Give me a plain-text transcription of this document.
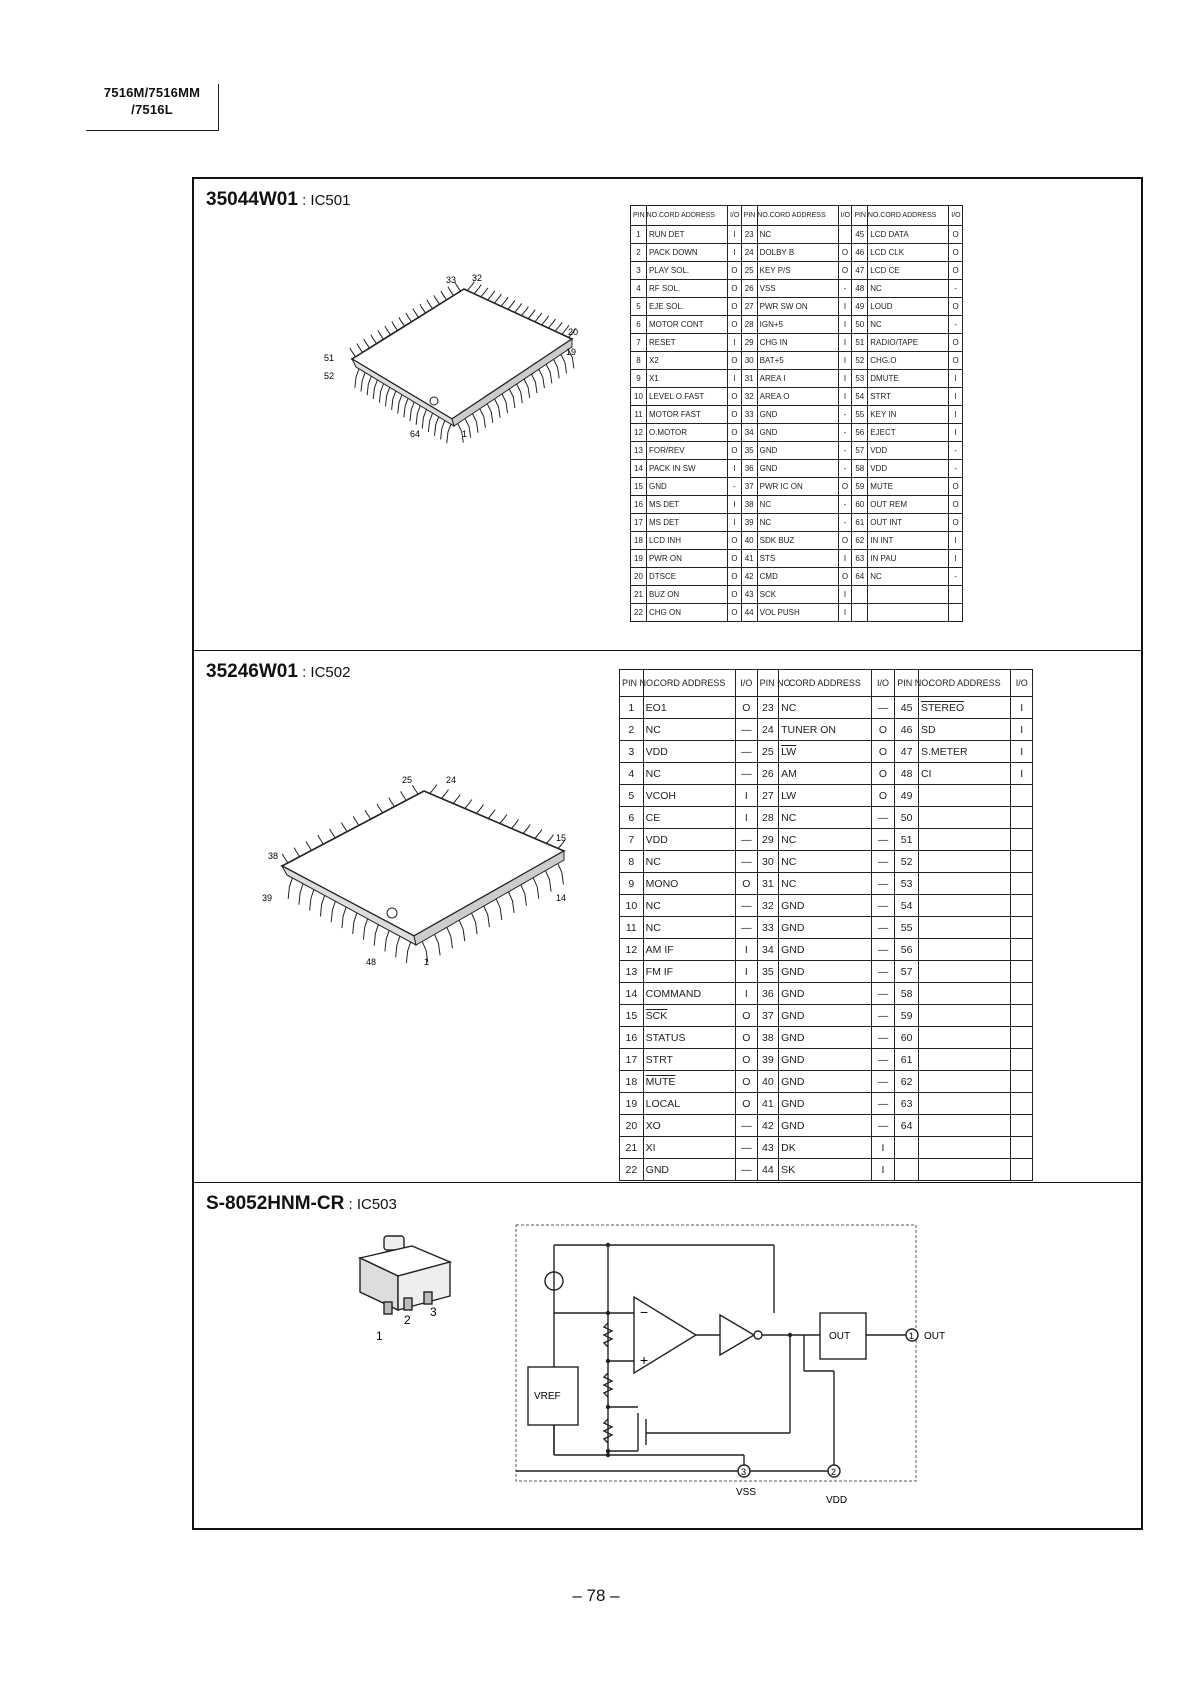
7516M/7516MM
/7516L
35044W01 : IC501
33 32
20
19
51
52
64	1
PIN NO.	CORD ADDRESS	I/O	PIN NO.	CORD ADDRESS	I/O	PIN NO.	CORD ADDRESS	I/O
1	RUN DET	I	23	NC		45	LCD DATA	O
2	PACK DOWN	I	24	DOLBY B	O	46	LCD CLK	O
3	PLAY SOL.	O	25	KEY P/S	O	47	LCD CE	O
4	RF SOL.	O	26	VSS	-	48	NC	-
5	EJE SOL.	O	27	PWR SW ON	I	49	LOUD	O
6	MOTOR CONT	O	28	IGN+5	I	50	NC	-
7	RESET	I	29	CHG IN	I	51	RADIO/TAPE	O
8	X2	O	30	BAT+5	I	52	CHG.O	O
9	X1	I	31	AREA I	I	53	DMUTE	I
10	LEVEL O.FAST	O	32	AREA O	I	54	STRT	I
11	MOTOR FAST	O	33	GND	-	55	KEY IN	I
12	O.MOTOR	O	34	GND	-	56	EJECT	I
13	FOR/REV	O	35	GND	-	57	VDD	-
14	PACK IN SW	I	36	GND	-	58	VDD	-
15	GND	-	37	PWR IC ON	O	59	MUTE	O
16	MS DET	I	38	NC	-	60	OUT REM	O
17	MS DET	I	39	NC	-	61	OUT INT	O
18	LCD INH	O	40	SDK BUZ	O	62	IN INT	I
19	PWR ON	O	41	STS	I	63	IN PAU	I
20	DTSCE	O	42	CMD	O	64	NC	-
21	BUZ ON	O	43	SCK	I			
22	CHG ON	O	44	VOL PUSH	I			
35246W01 : IC502
25	24
15
14
38
39
48	1
PIN NO.	CORD ADDRESS	I/O	PIN NO.	CORD ADDRESS	I/O	PIN NO.	CORD ADDRESS	I/O
1	EO1	O	23	NC	—	45	STEREO	I
2	NC	—	24	TUNER ON	O	46	SD	I
3	VDD	—	25	$\overline{LW}$	O	47	S.METER	I
4	NC	—	26	AM	O	48	CI	I
5	VCOH	I	27	LW	O	49		
6	CE	I	28	NC	—	50		
7	VDD	—	29	NC	—	51		
8	NC	—	30	NC	—	52		
9	MONO	O	31	NC	—	53		
10	NC	—	32	GND	—	54		
11	NC	—	33	GND	—	55		
12	AM IF	I	34	GND	—	56		
13	FM IF	I	35	GND	—	57		
14	COMMAND	I	36	GND	—	58		
15	$\overline{SCK}$	O	37	GND	—	59		
16	STATUS	O	38	GND	—	60		
17	STRT	O	39	GND	—	61		
18	MUTE	O	40	GND	—	62		
19	LOCAL	O	41	GND	—	63		
20	XO	—	42	GND	—	64		
21	XI	—	43	DK	I			
22	GND	—	44	SK	I			
S-8052HNM-CR : IC503
1
2
3
VREF
OUT	1 OUT
3
VSS
2
VDD
−
+
– 78 –
